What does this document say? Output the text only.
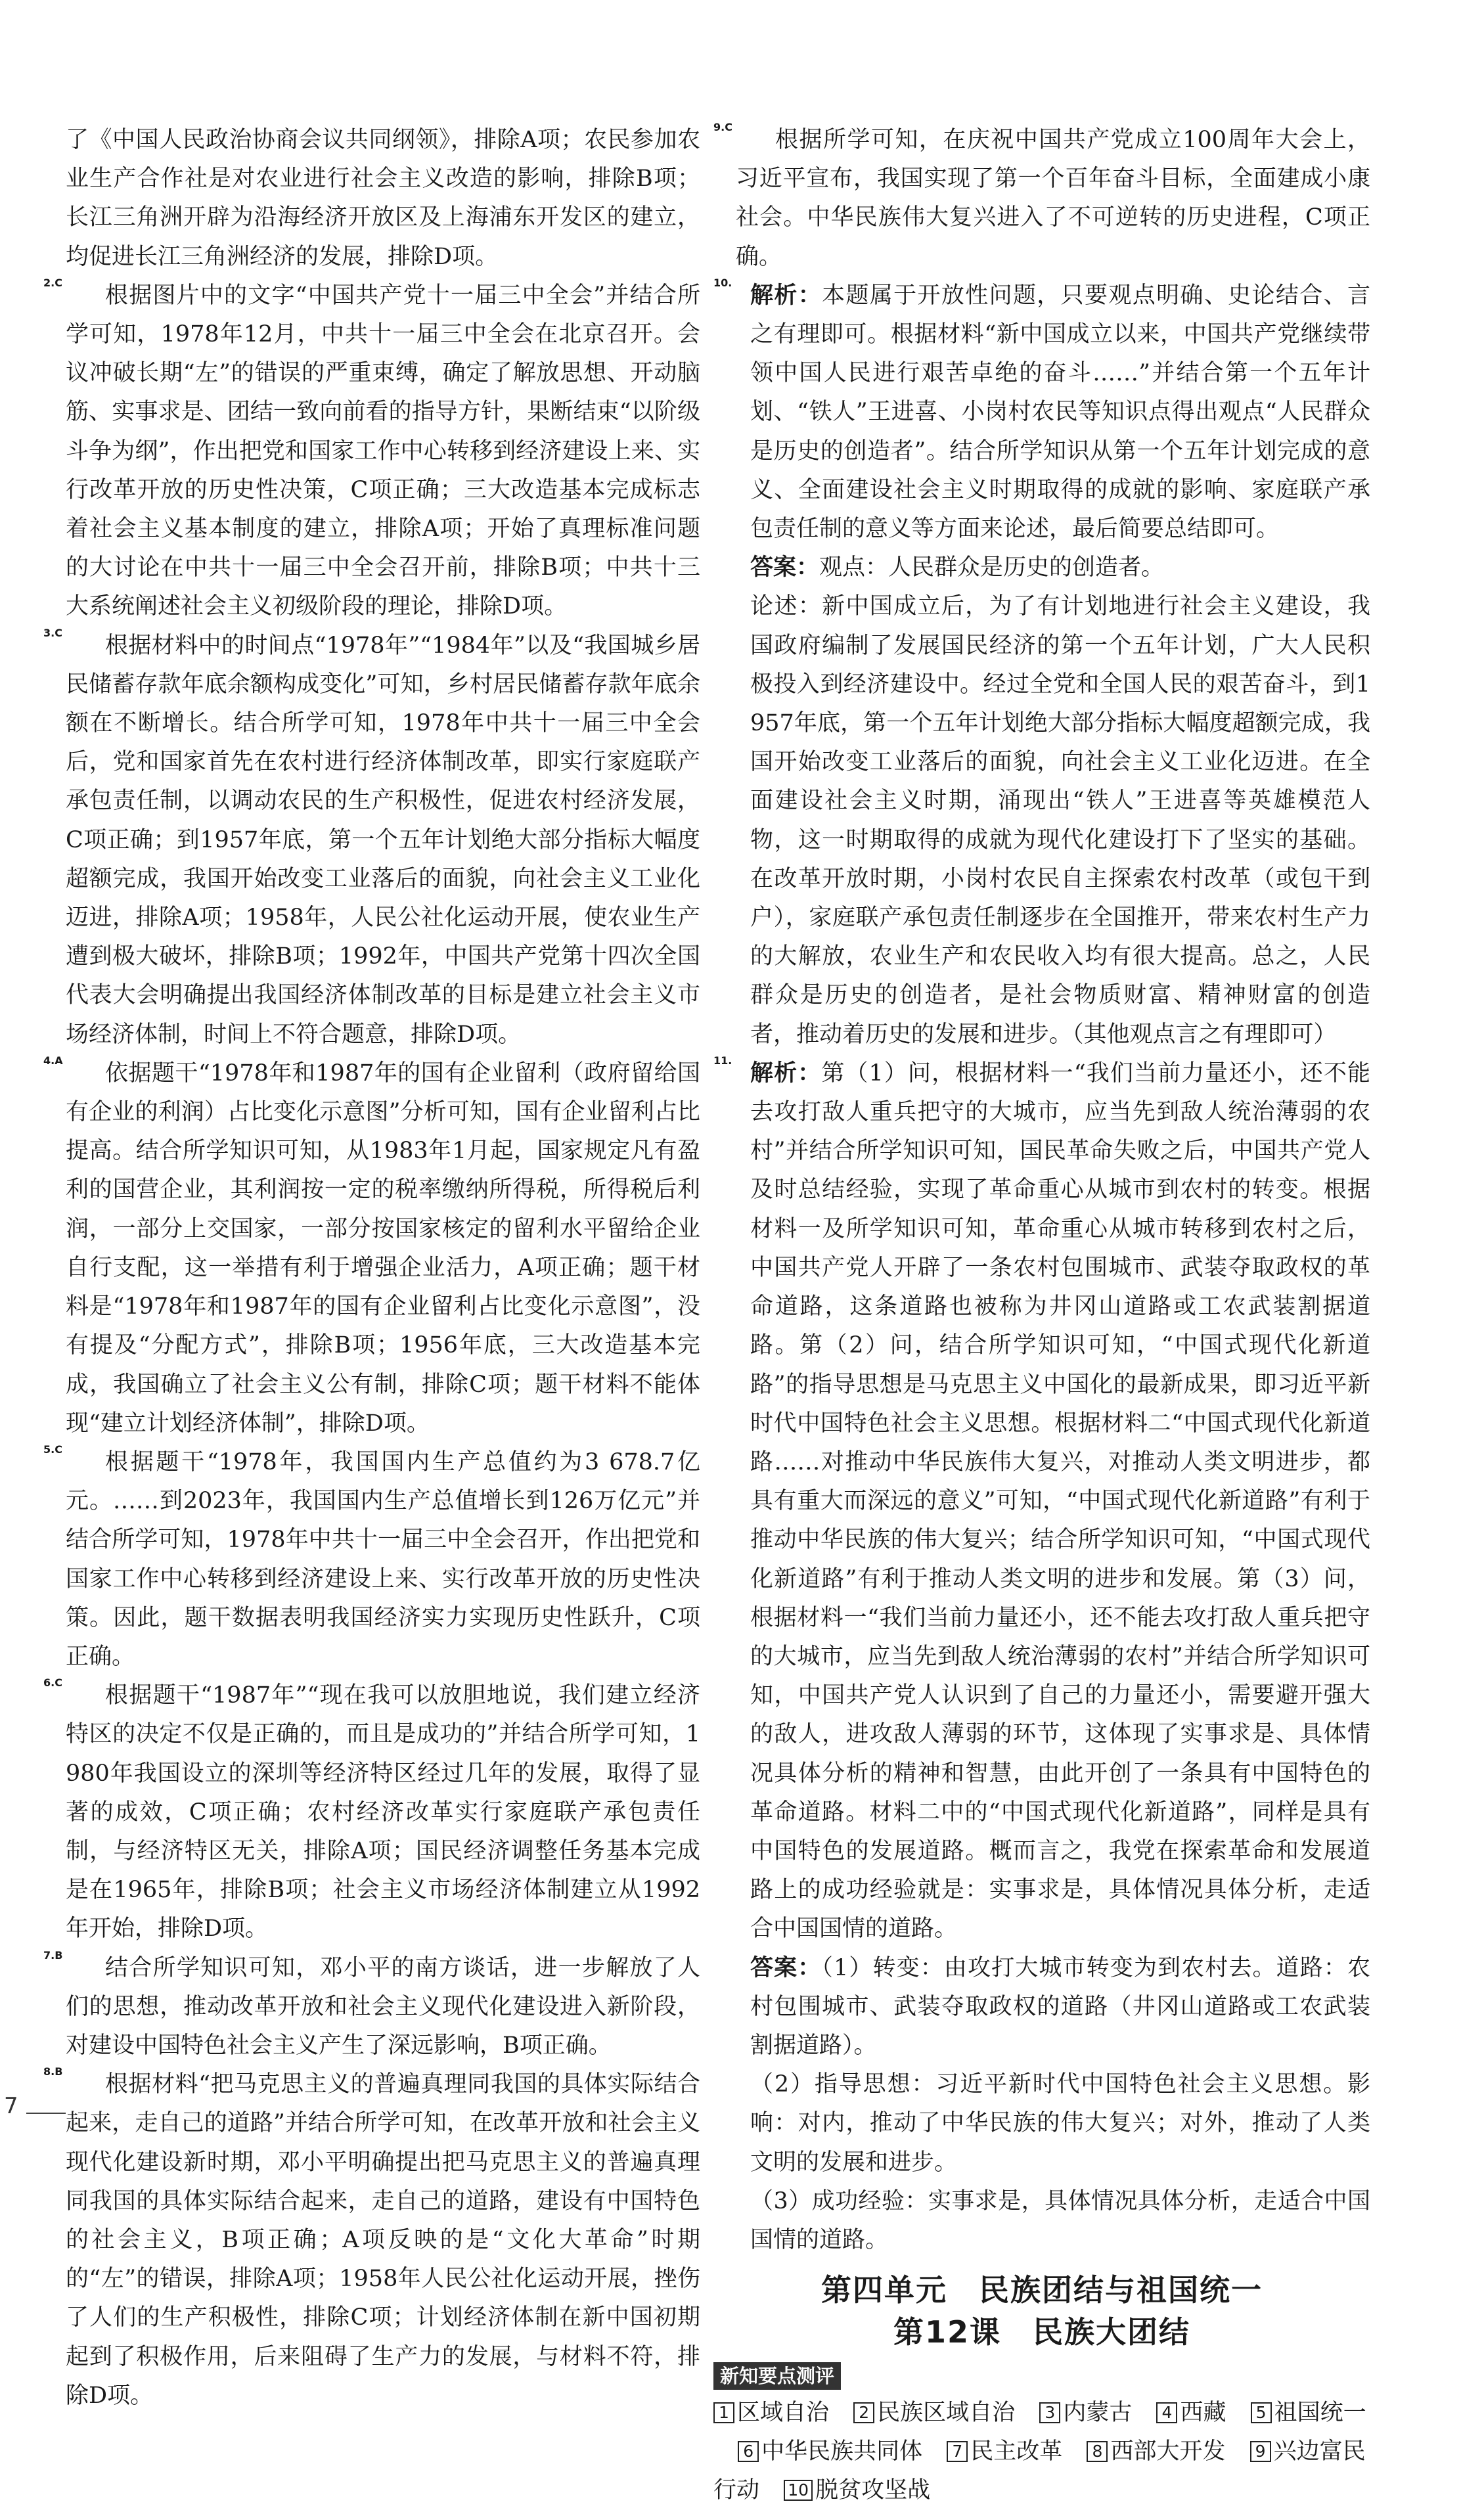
了《中国人民政治协商会议共同纲领》，排除A项；农民参加农业生产合作社是对农业进行社会主义改造的影响，排除B项；长江三角洲开辟为沿海经济开放区及上海浦东开发区的建立，均促进长江三角洲经济的发展，排除D项。

2.C	根据图片中的文字“中国共产党十一届三中全会”并结合所学可知，1978年12月，中共十一届三中全会在北京召开。会议冲破长期“左”的错误的严重束缚，确定了解放思想、开动脑筋、实事求是、团结一致向前看的指导方针，果断结束“以阶级斗争为纲”，作出把党和国家工作中心转移到经济建设上来、实行改革开放的历史性决策，C项正确；三大改造基本完成标志着社会主义基本制度的建立，排除A项；开始了真理标准问题的大讨论在中共十一届三中全会召开前，排除B项；中共十三大系统阐述社会主义初级阶段的理论，排除D项。

3.C	根据材料中的时间点“1978年”“1984年”以及“我国城乡居民储蓄存款年底余额构成变化”可知，乡村居民储蓄存款年底余额在不断增长。结合所学可知，1978年中共十一届三中全会后，党和国家首先在农村进行经济体制改革，即实行家庭联产承包责任制，以调动农民的生产积极性，促进农村经济发展，C项正确；到1957年底，第一个五年计划绝大部分指标大幅度超额完成，我国开始改变工业落后的面貌，向社会主义工业化迈进，排除A项；1958年，人民公社化运动开展，使农业生产遭到极大破坏，排除B项；1992年，中国共产党第十四次全国代表大会明确提出我国经济体制改革的目标是建立社会主义市场经济体制，时间上不符合题意，排除D项。

4.A	依据题干“1978年和1987年的国有企业留利（政府留给国有企业的利润）占比变化示意图”分析可知，国有企业留利占比提高。结合所学知识可知，从1983年1月起，国家规定凡有盈利的国营企业，其利润按一定的税率缴纳所得税，所得税后利润，一部分上交国家，一部分按国家核定的留利水平留给企业自行支配，这一举措有利于增强企业活力，A项正确；题干材料是“1978年和1987年的国有企业留利占比变化示意图”，没有提及“分配方式”，排除B项；1956年底，三大改造基本完成，我国确立了社会主义公有制，排除C项；题干材料不能体现“建立计划经济体制”，排除D项。

5.C	根据题干“1978年，我国国内生产总值约为3 678.7亿元。……到2023年，我国国内生产总值增长到126万亿元”并结合所学可知，1978年中共十一届三中全会召开，作出把党和国家工作中心转移到经济建设上来、实行改革开放的历史性决策。因此，题干数据表明我国经济实力实现历史性跃升，C项正确。

6.C	根据题干“1987年”“现在我可以放胆地说，我们建立经济特区的决定不仅是正确的，而且是成功的”并结合所学可知，1980年我国设立的深圳等经济特区经过几年的发展，取得了显著的成效，C项正确；农村经济改革实行家庭联产承包责任制，与经济特区无关，排除A项；国民经济调整任务基本完成是在1965年，排除B项；社会主义市场经济体制建立从1992年开始，排除D项。

7.B	结合所学知识可知，邓小平的南方谈话，进一步解放了人们的思想，推动改革开放和社会主义现代化建设进入新阶段，对建设中国特色社会主义产生了深远影响，B项正确。

8.B	根据材料“把马克思主义的普遍真理同我国的具体实际结合起来，走自己的道路”并结合所学可知，在改革开放和社会主义现代化建设新时期，邓小平明确提出把马克思主义的普遍真理同我国的具体实际结合起来，走自己的道路，建设有中国特色的社会主义，B项正确；A项反映的是“文化大革命”时期的“左”的错误，排除A项；1958年人民公社化运动开展，挫伤了人们的生产积极性，排除C项；计划经济体制在新中国初期起到了积极作用，后来阻碍了生产力的发展，与材料不符，排除D项。

9.C	根据所学可知，在庆祝中国共产党成立100周年大会上，习近平宣布，我国实现了第一个百年奋斗目标，全面建成小康社会。中华民族伟大复兴进入了不可逆转的历史进程，C项正确。

10. 解析：本题属于开放性问题，只要观点明确、史论结合、言之有理即可。根据材料“新中国成立以来，中国共产党继续带领中国人民进行艰苦卓绝的奋斗……”并结合第一个五年计划、“铁人”王进喜、小岗村农民等知识点得出观点“人民群众是历史的创造者”。结合所学知识从第一个五年计划完成的意义、全面建设社会主义时期取得的成就的影响、家庭联产承包责任制的意义等方面来论述，最后简要总结即可。

答案：观点：人民群众是历史的创造者。

论述：新中国成立后，为了有计划地进行社会主义建设，我国政府编制了发展国民经济的第一个五年计划，广大人民积极投入到经济建设中。经过全党和全国人民的艰苦奋斗，到1957年底，第一个五年计划绝大部分指标大幅度超额完成，我国开始改变工业落后的面貌，向社会主义工业化迈进。在全面建设社会主义时期，涌现出“铁人”王进喜等英雄模范人物，这一时期取得的成就为现代化建设打下了坚实的基础。在改革开放时期，小岗村农民自主探索农村改革（或包干到户），家庭联产承包责任制逐步在全国推开，带来农村生产力的大解放，农业生产和农民收入均有很大提高。总之，人民群众是历史的创造者，是社会物质财富、精神财富的创造者，推动着历史的发展和进步。（其他观点言之有理即可）

11. 解析：第（1）问，根据材料一“我们当前力量还小，还不能去攻打敌人重兵把守的大城市，应当先到敌人统治薄弱的农村”并结合所学知识可知，国民革命失败之后，中国共产党人及时总结经验，实现了革命重心从城市到农村的转变。根据材料一及所学知识可知，革命重心从城市转移到农村之后，中国共产党人开辟了一条农村包围城市、武装夺取政权的革命道路，这条道路也被称为井冈山道路或工农武装割据道路。第（2）问，结合所学知识可知，“中国式现代化新道路”的指导思想是马克思主义中国化的最新成果，即习近平新时代中国特色社会主义思想。根据材料二“中国式现代化新道路……对推动中华民族伟大复兴，对推动人类文明进步，都具有重大而深远的意义”可知，“中国式现代化新道路”有利于推动中华民族的伟大复兴；结合所学知识可知，“中国式现代化新道路”有利于推动人类文明的进步和发展。第（3）问，根据材料一“我们当前力量还小，还不能去攻打敌人重兵把守的大城市，应当先到敌人统治薄弱的农村”并结合所学知识可知，中国共产党人认识到了自己的力量还小，需要避开强大的敌人，进攻敌人薄弱的环节，这体现了实事求是、具体情况具体分析的精神和智慧，由此开创了一条具有中国特色的革命道路。材料二中的“中国式现代化新道路”，同样是具有中国特色的发展道路。概而言之，我党在探索革命和发展道路上的成功经验就是：实事求是，具体情况具体分析，走适合中国国情的道路。

答案：（1）转变：由攻打大城市转变为到农村去。道路：农村包围城市、武装夺取政权的道路（井冈山道路或工农武装割据道路）。

（2）指导思想：习近平新时代中国特色社会主义思想。影响：对内，推动了中华民族的伟大复兴；对外，推动了人类文明的发展和进步。

（3）成功经验：实事求是，具体情况具体分析，走适合中国国情的道路。

第四单元　民族团结与祖国统一
第12课　民族大团结
新知要点测评

1 区域自治 2 民族区域自治 3 内蒙古 4 西藏 5 祖国统一 6 中华民族共同体 7 民主改革 8 西部大开发 9 兴边富民行动 10 脱贫攻坚战

7
